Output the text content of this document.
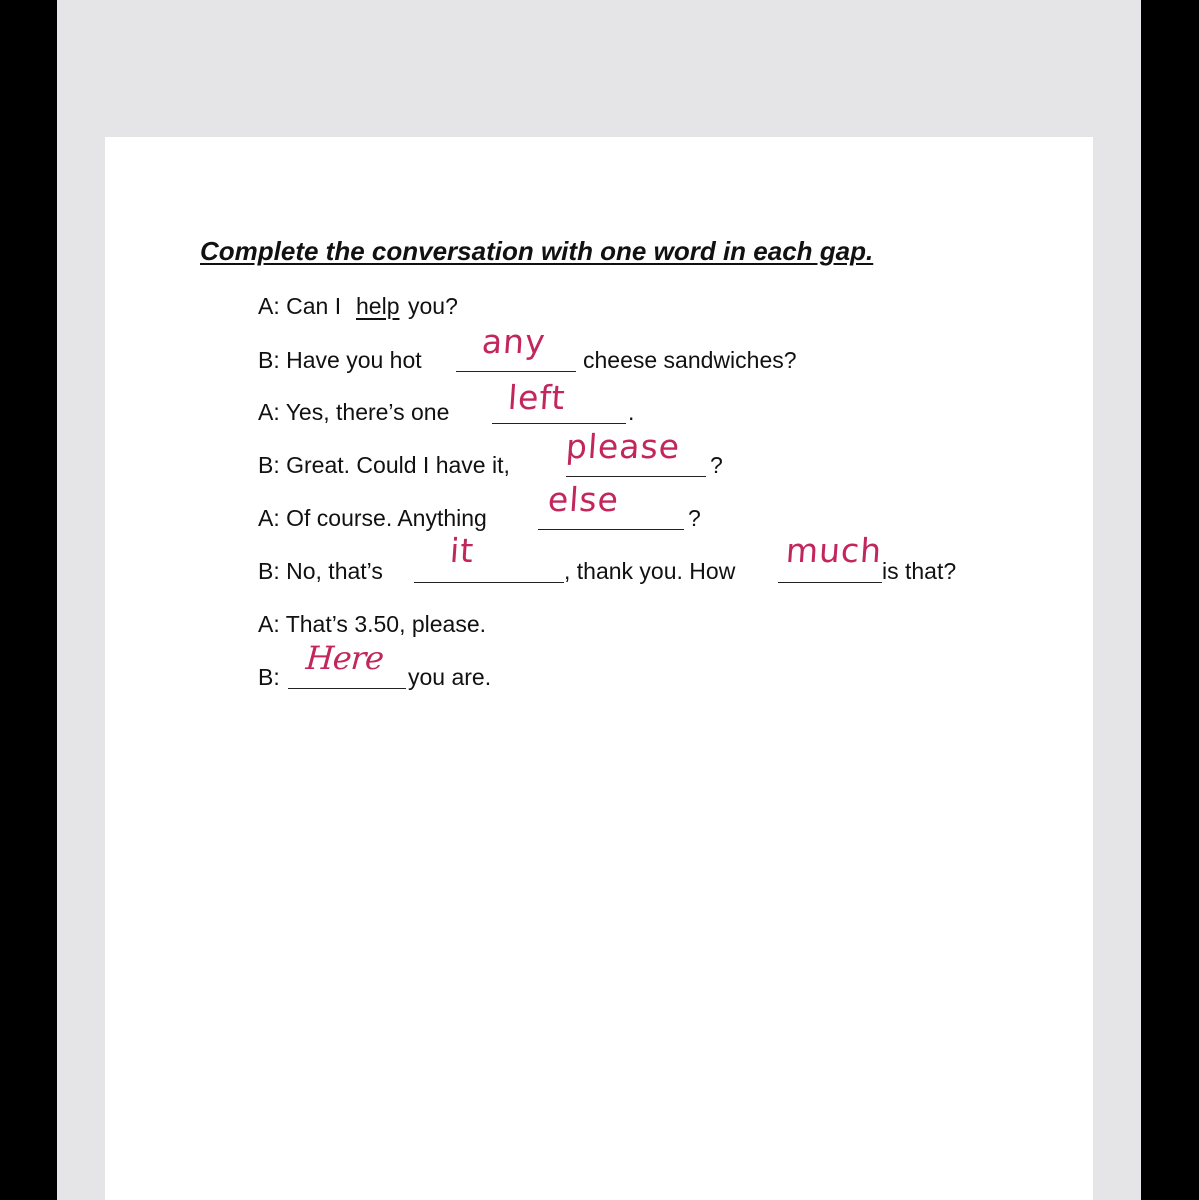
Complete the conversation with one word in each gap.
A: Can I help you?
B: Have you hot any cheese sandwiches?
A: Yes, there’s one left	.
B: Great. Could I have it, please ?
A: Of course. Anything else	?
B: No, that’s
it
, thank you. How
much
is that?
A: That’s 3.50, please.
B: Here you are.
